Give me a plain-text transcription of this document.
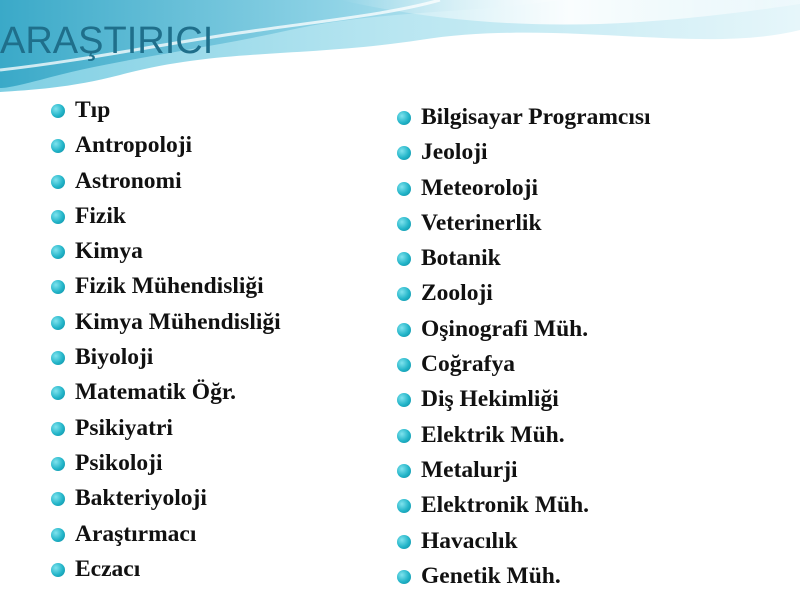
ARAŞTIRICI
Tıp
Antropoloji
Astronomi
Fizik
Kimya
Fizik Mühendisliği
Kimya Mühendisliği
Biyoloji
Matematik Öğr.
Psikiyatri
Psikoloji
Bakteriyoloji
Araştırmacı
Eczacı
Bilgisayar Programcısı
Jeoloji
Meteoroloji
Veterinerlik
Botanik
Zooloji
Oşinografi Müh.
Coğrafya
Diş Hekimliği
Elektrik Müh.
Metalurji
Elektronik Müh.
Havacılık
Genetik Müh.
